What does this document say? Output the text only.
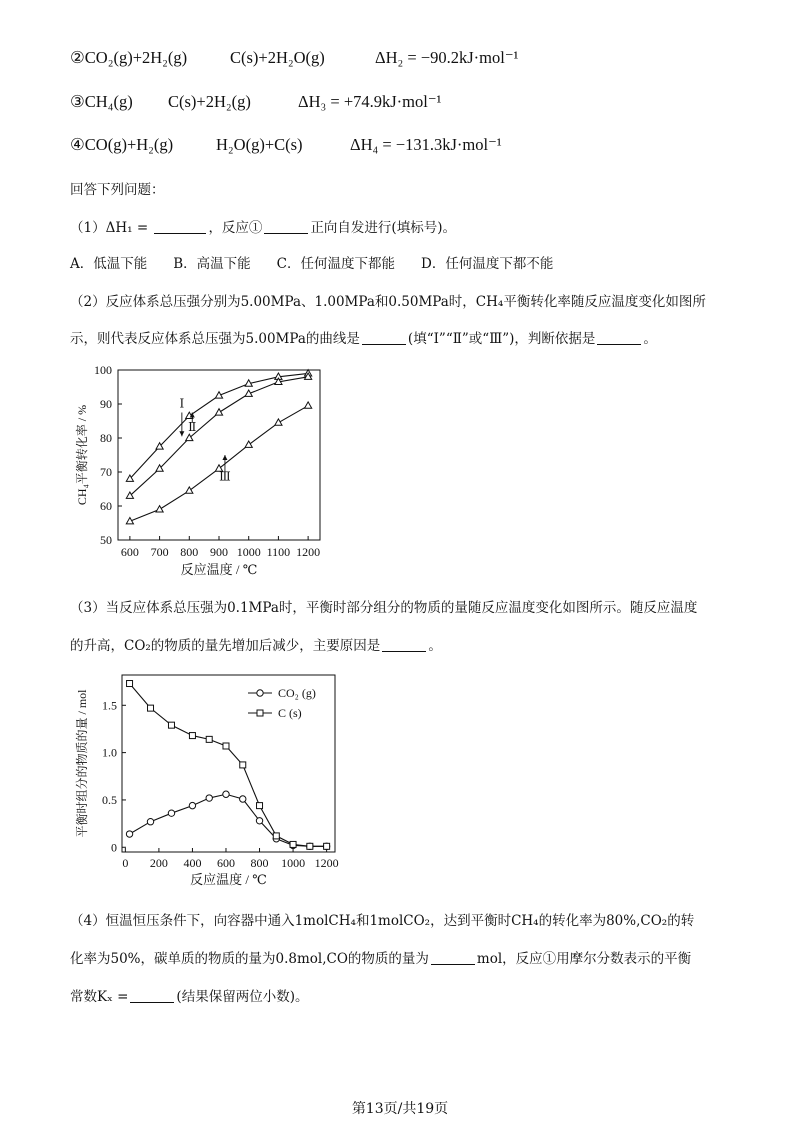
②CO₂(g)+2H₂(g)	C(s)+2H₂O(g)	ΔH₂ = −90.2kJ·mol⁻¹
③CH₄(g) C(s)+2H₂(g)	ΔH₃ = +74.9kJ·mol⁻¹
④CO(g)+H₂(g)	H₂O(g)+C(s)	ΔH₄ = −131.3kJ·mol⁻¹
回答下列问题：
（1）ΔH₁ =	，反应①	正向自发进行(填标号)。
A．低温下能 B．高温下能 C．任何温度下都能 D．任何温度下都不能
（2）反应体系总压强分别为5.00MPa、1.00MPa和0.50MPa时，CH₄平衡转化率随反应温度变化如图所
示，则代表反应体系总压强为5.00MPa的曲线是	(填“Ⅰ”“Ⅱ”或“Ⅲ”)，判断依据是	。
600 700 800 900 1000 1100 1200
50
60
70
80
90
100
反应温度 / ℃
CH₄平衡转化率 / %
Ⅰ
Ⅱ
Ⅲ
（3）当反应体系总压强为0.1MPa时，平衡时部分组分的物质的量随反应温度变化如图所示。随反应温度
的升高，CO₂的物质的量先增加后减少，主要原因是	。
0 200 400 600 800 1000 1200
0
0.5
1.0
1.5
反应温度 / ℃
平衡时组分的物质的量 / mol	CO₂ (g)
C (s)
（4）恒温恒压条件下，向容器中通入1molCH₄和1molCO₂，达到平衡时CH₄的转化率为80%,CO₂的转
化率为50%，碳单质的物质的量为0.8mol,CO的物质的量为	mol，反应①用摩尔分数表示的平衡
常数Kₓ =	(结果保留两位小数)。
第13页/共19页
